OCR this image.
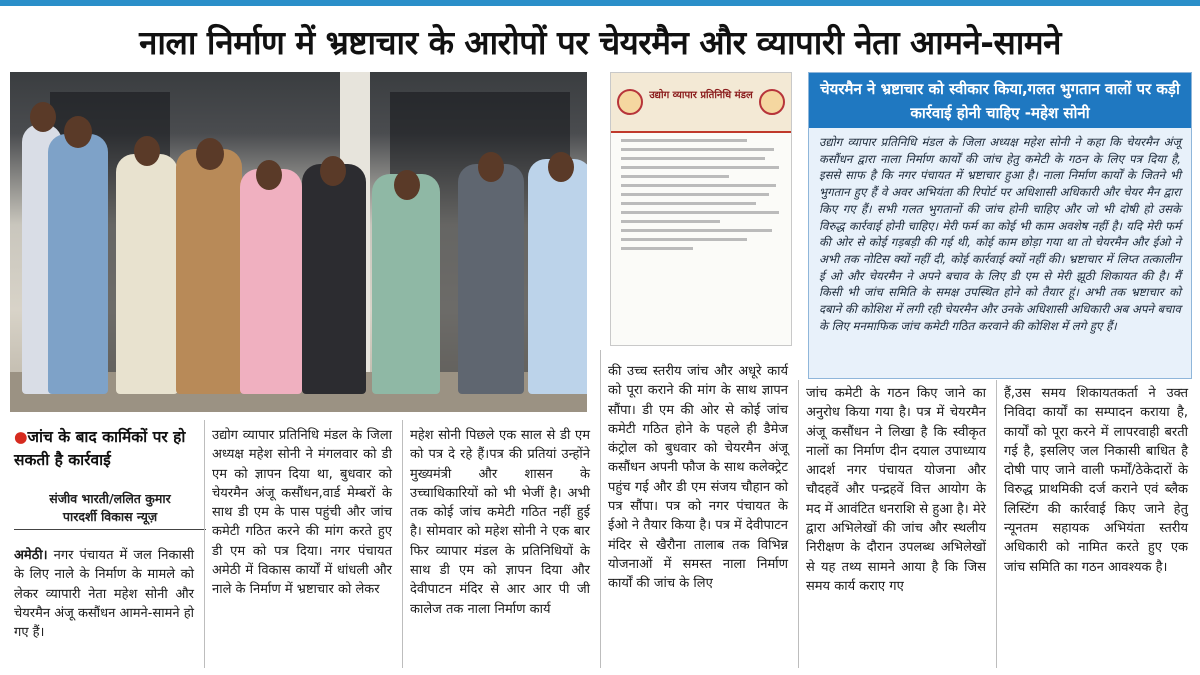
नाला निर्माण में भ्रष्टाचार के आरोपों पर चेयरमैन और व्यापारी नेता आमने-सामने
उद्योग व्यापार प्रतिनिधि मंडल	चेयरमैन ने भ्रष्टाचार को स्वीकार किया,गलत भुगतान वालों पर कड़ी कार्रवाई होनी चाहिए -महेश सोनी
उद्योग व्यापार प्रतिनिधि मंडल के जिला अध्यक्ष महेश सोनी ने कहा कि चेयरमैन अंजू कसौंधन द्वारा नाला निर्माण कार्यों की जांच हेतु कमेटी के गठन के लिए पत्र दिया है, इससे साफ है कि नगर पंचायत में भ्रष्टाचार हुआ है। नाला निर्माण कार्यों के जितने भी भुगतान हुए हैं वे अवर अभियंता की रिपोर्ट पर अधिशासी अधिकारी और चेयर मैन द्वारा किए गए हैं। सभी गलत भुगतानों की जांच होनी चाहिए और जो भी दोषी हो उसके विरुद्ध कार्रवाई होनी चाहिए। मेरी फर्म का कोई भी काम अवशेष नहीं है। यदि मेरी फर्म की ओर से कोई गड़बड़ी की गई थी, कोई काम छोड़ा गया था तो चेयरमैन और ईओ ने अभी तक नोटिस क्यों नहीं दी, कोई कार्रवाई क्यों नहीं की। भ्रष्टाचार में लिप्त तत्कालीन ई ओ और चेयरमैन ने अपने बचाव के लिए डी एम से मेरी झूठी शिकायत की है। मैं किसी भी जांच समिति के समक्ष उपस्थित होने को तैयार हूं। अभी तक भ्रष्टाचार को दबाने की कोशिश में लगी रही चेयरमैन और उनके अधिशासी अधिकारी अब अपने बचाव के लिए मनमाफिक जांच कमेटी गठित करवाने की कोशिश में लगे हुए हैं।
●जांच के बाद कार्मिकों पर हो सकती है कार्रवाई
संजीव भारती/ललित कुमार
पारदर्शी विकास न्यूज़
अमेठी। नगर पंचायत में जल निकासी के लिए नाले के निर्माण के मामले को लेकर व्यापारी नेता महेश सोनी और चेयरमैन अंजू कसौंधन आमने-सामने हो गए हैं।
उद्योग व्यापार प्रतिनिधि मंडल के जिला अध्यक्ष महेश सोनी ने मंगलवार को डी एम को ज्ञापन दिया था, बुधवार को चेयरमैन अंजू कसौंधन,वार्ड मेम्बरों के साथ डी एम के पास पहुंची और जांच कमेटी गठित करने की मांग करते हुए डी एम को पत्र दिया। नगर पंचायत अमेठी में विकास कार्यों में धांधली और नाले के निर्माण में भ्रष्टाचार को लेकर
महेश सोनी पिछले एक साल से डी एम को पत्र दे रहे हैं।पत्र की प्रतियां उन्होंने मुख्यमंत्री और शासन के उच्चाधिकारियों को भी भेजीं है। अभी तक कोई जांच कमेटी गठित नहीं हुई है। सोमवार को महेश सोनी ने एक बार फिर व्यापार मंडल के प्रतिनिधियों के साथ डी एम को ज्ञापन दिया और देवीपाटन मंदिर से आर आर पी जी कालेज तक नाला निर्माण कार्य
की उच्च स्तरीय जांच और अधूरे कार्य को पूरा कराने की मांग के साथ ज्ञापन सौंपा। डी एम की ओर से कोई जांच कमेटी गठित होने के पहले ही डैमेज कंट्रोल को बुधवार को चेयरमैन अंजू कसौंधन अपनी फौज के साथ कलेक्ट्रेट पहुंच गई और डी एम संजय चौहान को पत्र सौंपा। पत्र को नगर पंचायत के ईओ ने तैयार किया है। पत्र में देवीपाटन मंदिर से खैरौना तालाब तक विभिन्न योजनाओं में समस्त नाला निर्माण कार्यों की जांच के लिए
जांच कमेटी के गठन किए जाने का अनुरोध किया गया है। पत्र में चेयरमैन अंजू कसौंधन ने लिखा है कि स्वीकृत नालों का निर्माण दीन दयाल उपाध्याय आदर्श नगर पंचायत योजना और चौदहवें और पन्द्रहवें वित्त आयोग के मद में आवंटित धनराशि से हुआ है। मेरे द्वारा अभिलेखों की जांच और स्थलीय निरीक्षण के दौरान उपलब्ध अभिलेखों से यह तथ्य सामने आया है कि जिस समय कार्य कराए गए
हैं,उस समय शिकायतकर्ता ने उक्त निविदा कार्यों का सम्पादन कराया है, कार्यों को पूरा करने में लापरवाही बरती गई है, इसलिए जल निकासी बाधित है दोषी पाए जाने वाली फर्मों/ठेकेदारों के विरुद्ध प्राथमिकी दर्ज कराने एवं ब्लैक लिस्टिंग की कार्रवाई किए जाने हेतु न्यूनतम सहायक अभियंता स्तरीय अधिकारी को नामित करते हुए एक जांच समिति का गठन आवश्यक है।
